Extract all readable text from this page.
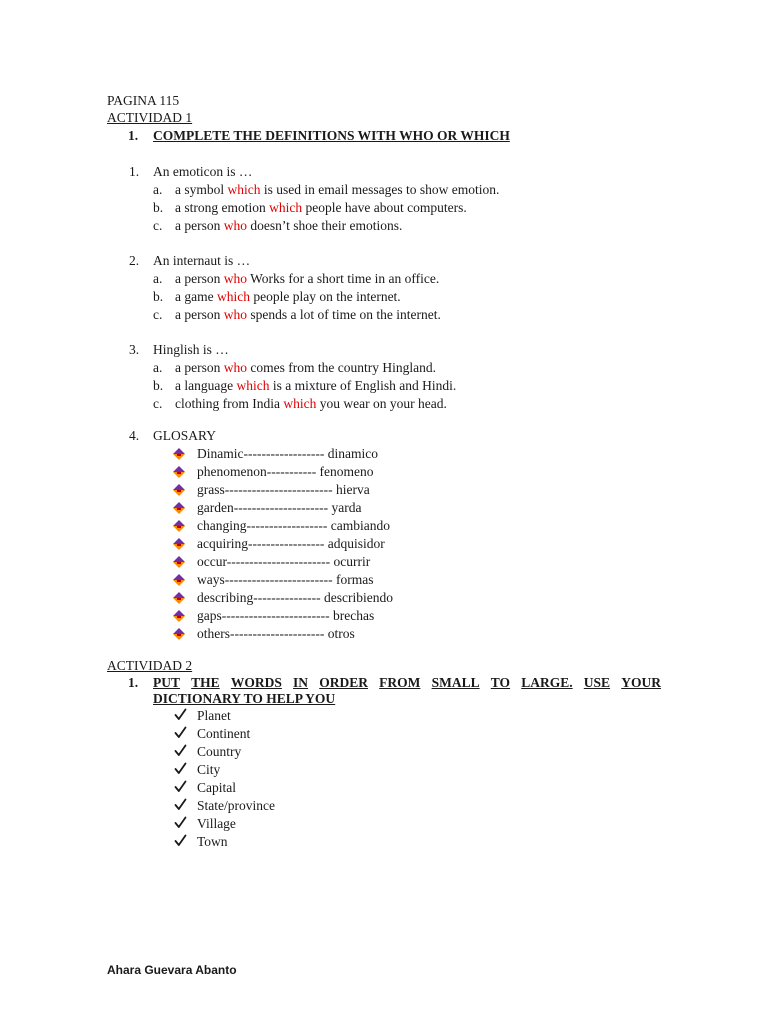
PAGINA 115
ACTIVIDAD 1
1. COMPLETE THE DEFINITIONS WITH WHO OR WHICH
1. An emoticon is …
a. a symbol which is used in email messages to show emotion.
b. a strong emotion which people have about computers.
c. a person who doesn’t shoe their emotions.
2. An internaut is …
a. a person who Works for a short time in an office.
b. a game which people play on the internet.
c. a person who spends a lot of time on the internet.
3. Hinglish is …
a. a person who comes from the country Hingland.
b. a language which is a mixture of English and Hindi.
c. clothing from India which you wear on your head.
4. GLOSARY
Dinamic------------------ dinamico
phenomenon----------- fenomeno
grass------------------------ hierva
garden--------------------- yarda
changing------------------ cambiando
acquiring----------------- adquisidor
occur----------------------- ocurrir
ways------------------------ formas
describing--------------- describiendo
gaps------------------------ brechas
others--------------------- otros
ACTIVIDAD 2
1. PUT THE WORDS IN ORDER FROM SMALL TO LARGE. USE YOUR
DICTIONARY TO HELP YOU
Planet
Continent
Country
City
Capital
State/province
Village
Town
Ahara Guevara Abanto
